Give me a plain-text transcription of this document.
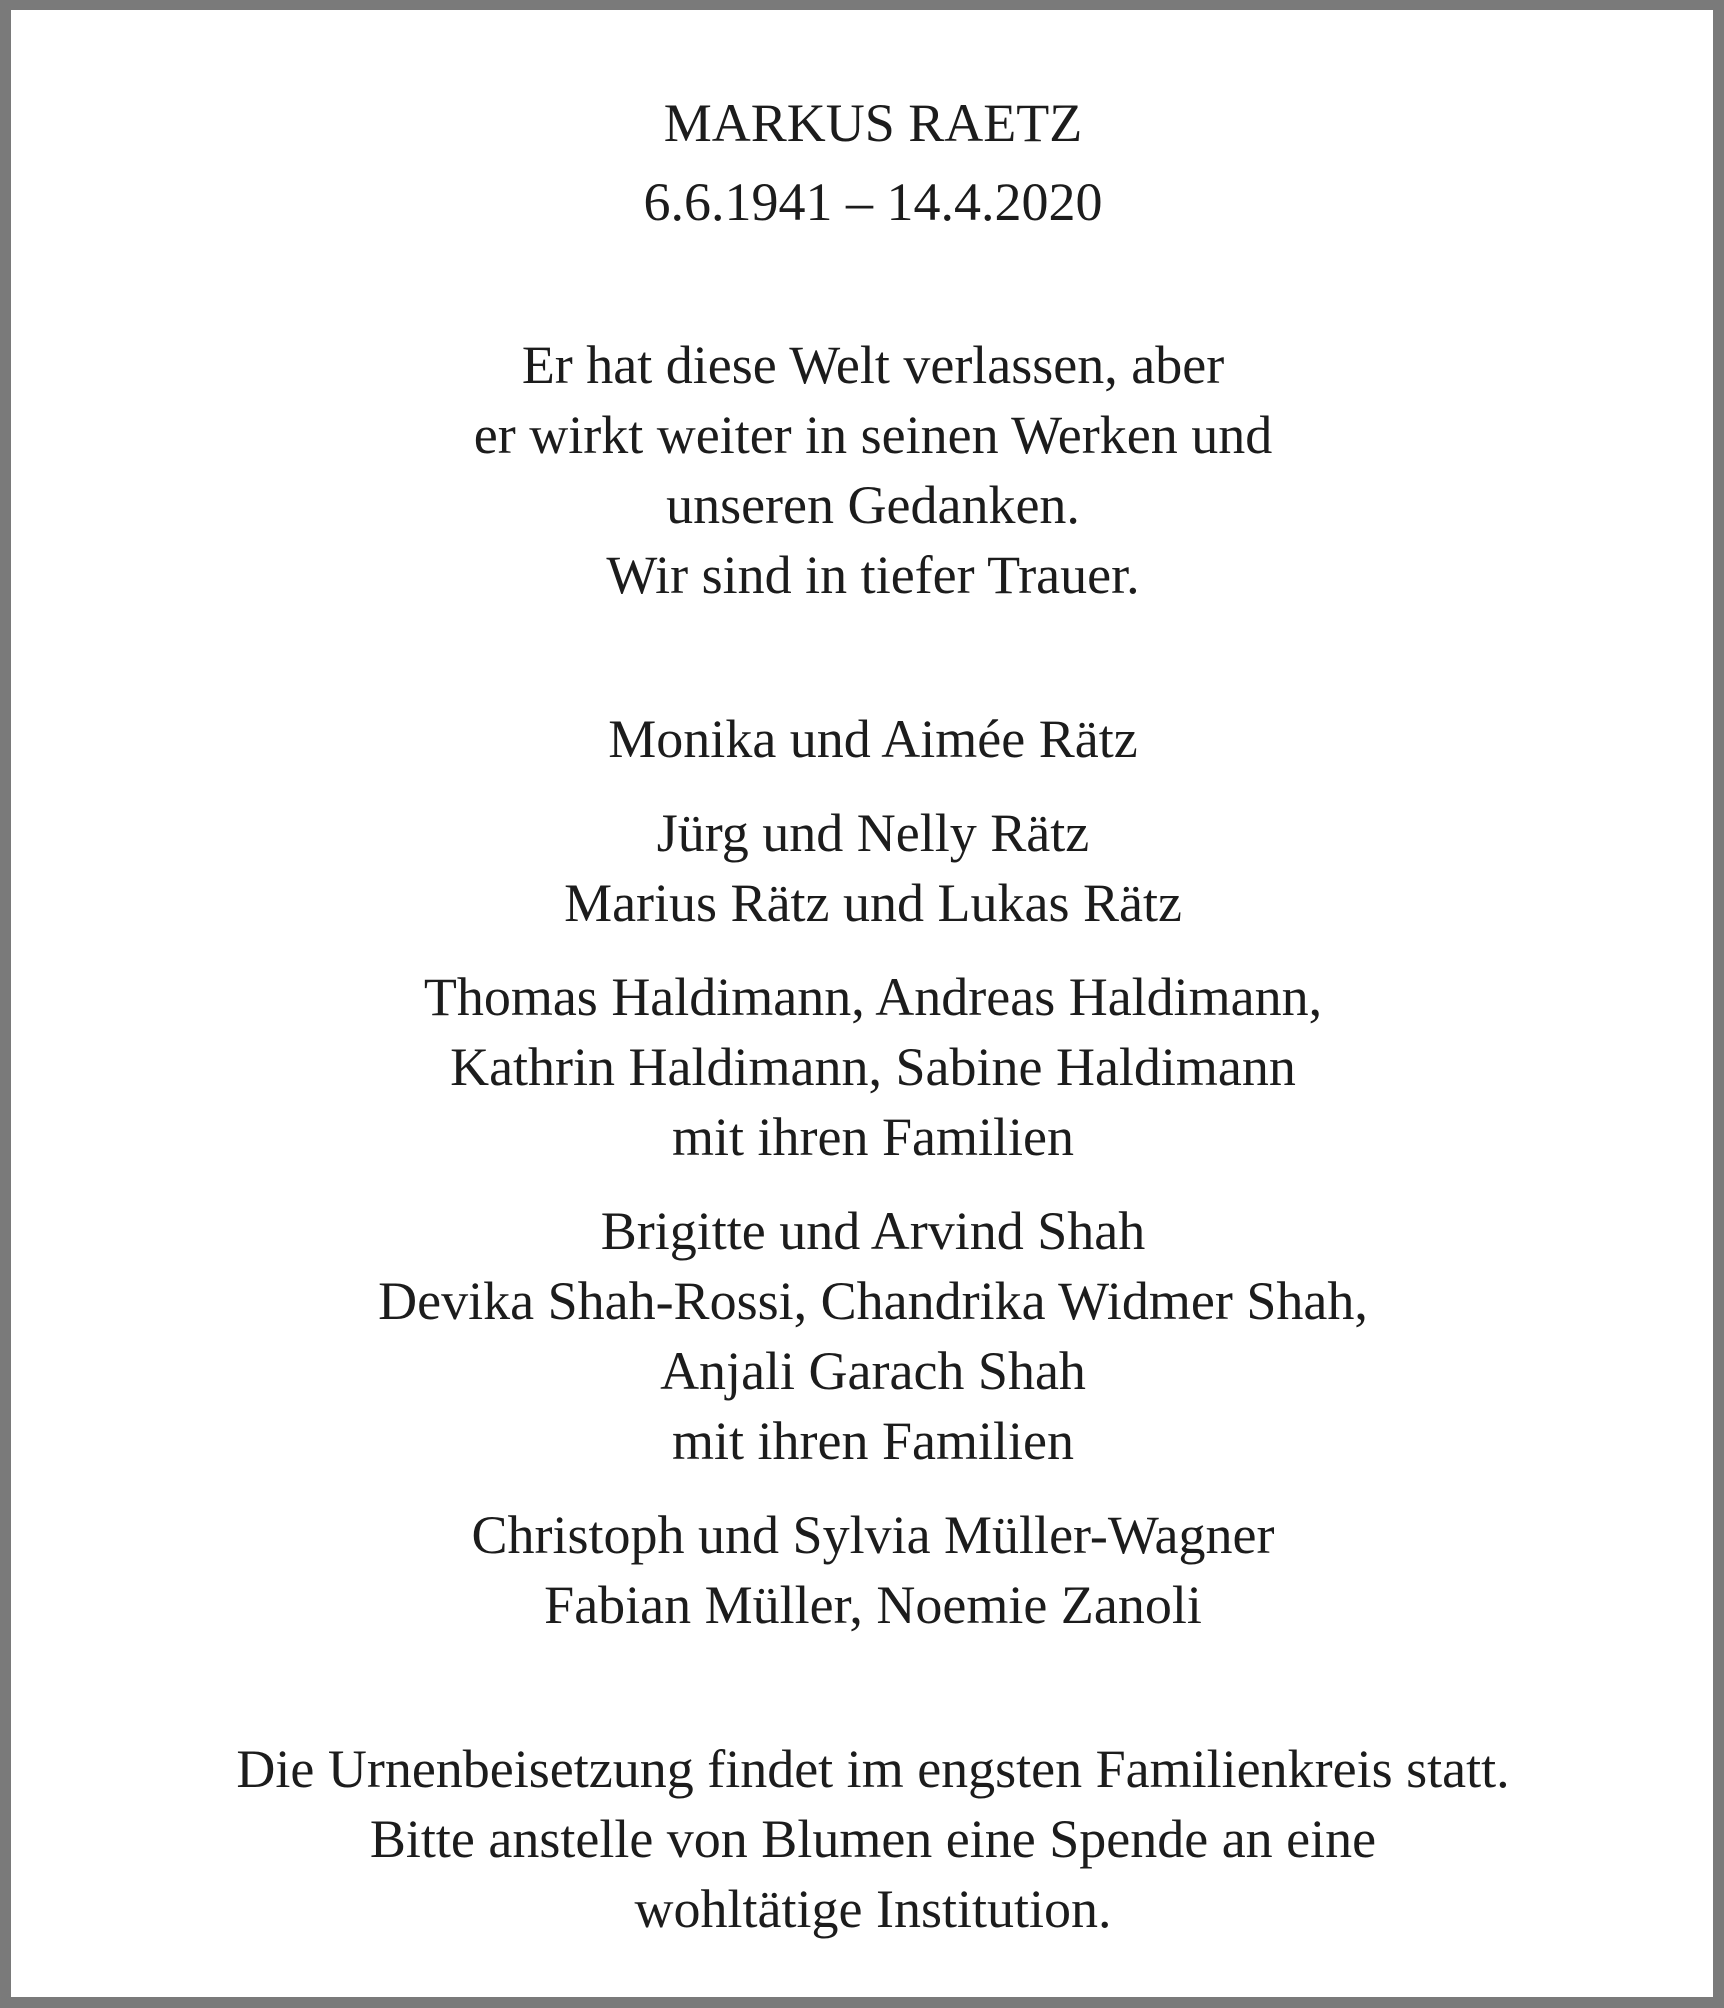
MARKUS RAETZ
6.6.1941 – 14.4.2020
Er hat diese Welt verlassen, aber
er wirkt weiter in seinen Werken und
unseren Gedanken.
Wir sind in tiefer Trauer.
Monika und Aimée Rätz
Jürg und Nelly Rätz
Marius Rätz und Lukas Rätz
Thomas Haldimann, Andreas Haldimann,
Kathrin Haldimann, Sabine Haldimann
mit ihren Familien
Brigitte und Arvind Shah
Devika Shah-Rossi, Chandrika Widmer Shah,
Anjali Garach Shah
mit ihren Familien
Christoph und Sylvia Müller-Wagner
Fabian Müller, Noemie Zanoli
Die Urnenbeisetzung findet im engsten Familienkreis statt.
Bitte anstelle von Blumen eine Spende an eine
wohltätige Institution.
